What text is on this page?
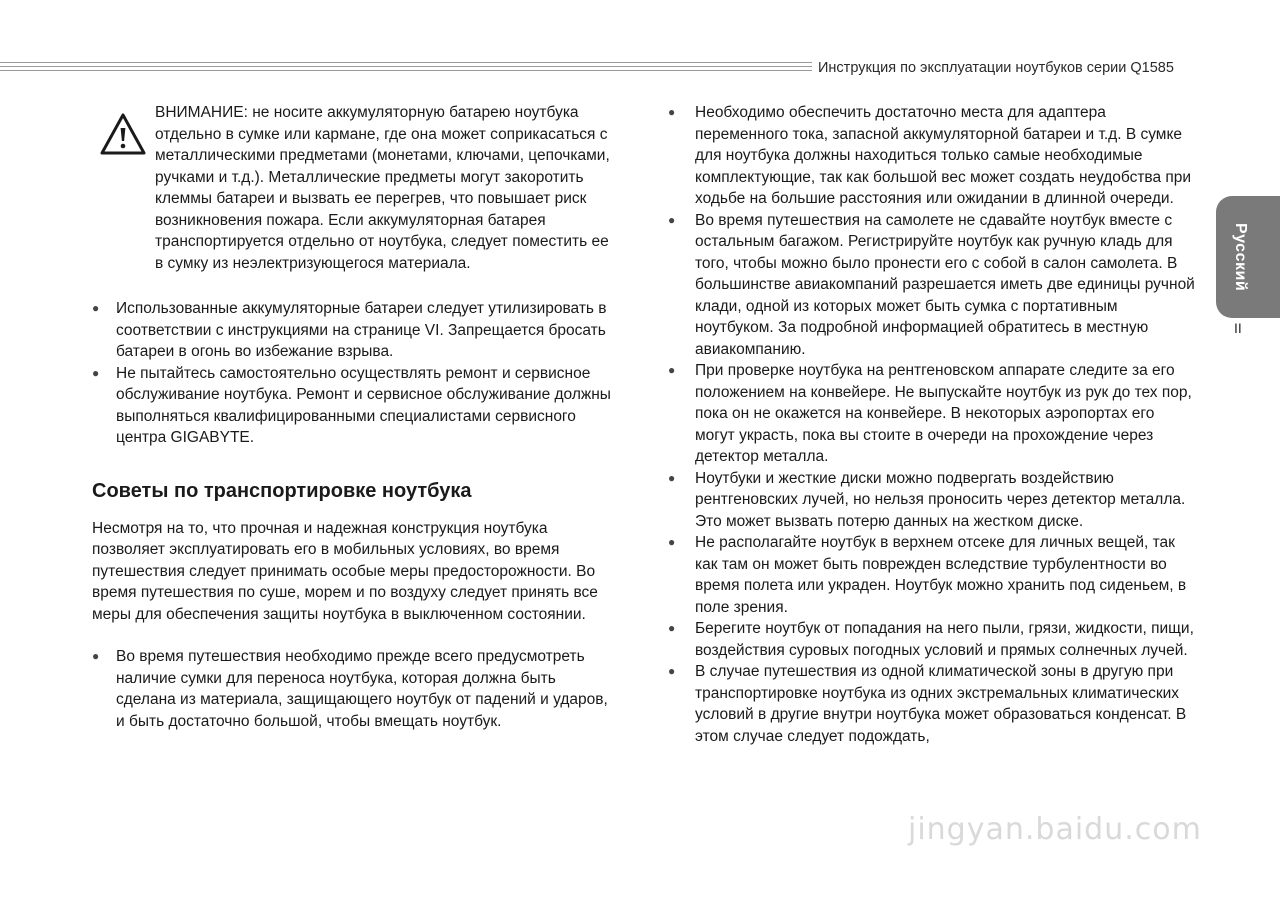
Инструкция по эксплуатации ноутбуков серии Q1585
Русский
II

ВНИМАНИЕ: не носите аккумуляторную батарею ноутбука отдельно в сумке или кармане, где она может соприкасаться с металлическими предметами (монетами, ключами, цепочками, ручками и т.д.). Металлические предметы могут закоротить клеммы батареи и вызвать ее перегрев, что повышает риск возникновения пожара. Если аккумуляторная батарея транспортируется отдельно от ноутбука, следует поместить ее в сумку из неэлектризующегося материала.

● Использованные аккумуляторные батареи следует утилизировать в соответствии с инструкциями на странице VI. Запрещается бросать батареи в огонь во избежание взрыва.
● Не пытайтесь самостоятельно осуществлять ремонт и сервисное обслуживание ноутбука. Ремонт и сервисное обслуживание должны выполняться квалифицированными специалистами сервисного центра GIGABYTE.
Советы по транспортировке ноутбука

Несмотря на то, что прочная и надежная конструкция ноутбука позволяет эксплуатировать его в мобильных условиях, во время путешествия следует принимать особые меры предосторожности. Во время путешествия по суше, морем и по воздуху следует принять все меры для обеспечения защиты ноутбука в выключенном состоянии.

● Во время путешествия необходимо прежде всего предусмотреть наличие сумки для переноса ноутбука, которая должна быть сделана из материала, защищающего ноутбук от падений и ударов, и быть достаточно большой, чтобы вмещать ноутбук.
● Необходимо обеспечить достаточно места для адаптера переменного тока, запасной аккумуляторной батареи и т.д. В сумке для ноутбука должны находиться только самые необходимые комплектующие, так как большой вес может создать неудобства при ходьбе на большие расстояния или ожидании в длинной очереди.
● Во время путешествия на самолете не сдавайте ноутбук вместе с остальным багажом. Регистрируйте ноутбук как ручную кладь для того, чтобы можно было пронести его с собой в салон самолета. В большинстве авиакомпаний разрешается иметь две единицы ручной клади, одной из которых может быть сумка с портативным ноутбуком. За подробной информацией обратитесь в местную авиакомпанию.
● При проверке ноутбука на рентгеновском аппарате следите за его положением на конвейере. Не выпускайте ноутбук из рук до тех пор, пока он не окажется на конвейере. В некоторых аэропортах его могут украсть, пока вы стоите в очереди на прохождение через детектор металла.
● Ноутбуки и жесткие диски можно подвергать воздействию рентгеновских лучей, но нельзя проносить через детектор металла. Это может вызвать потерю данных на жестком диске.
● Не располагайте ноутбук в верхнем отсеке для личных вещей, так как там он может быть поврежден вследствие турбулентности во время полета или украден. Ноутбук можно хранить под сиденьем, в поле зрения.
● Берегите ноутбук от попадания на него пыли, грязи, жидкости, пищи, воздействия суровых погодных условий и прямых солнечных лучей.
● В случае путешествия из одной климатической зоны в другую при транспортировке ноутбука из одних экстремальных климатических условий в другие внутри ноутбука может образоваться конденсат. В этом случае следует подождать,
jingyan.baidu.com
